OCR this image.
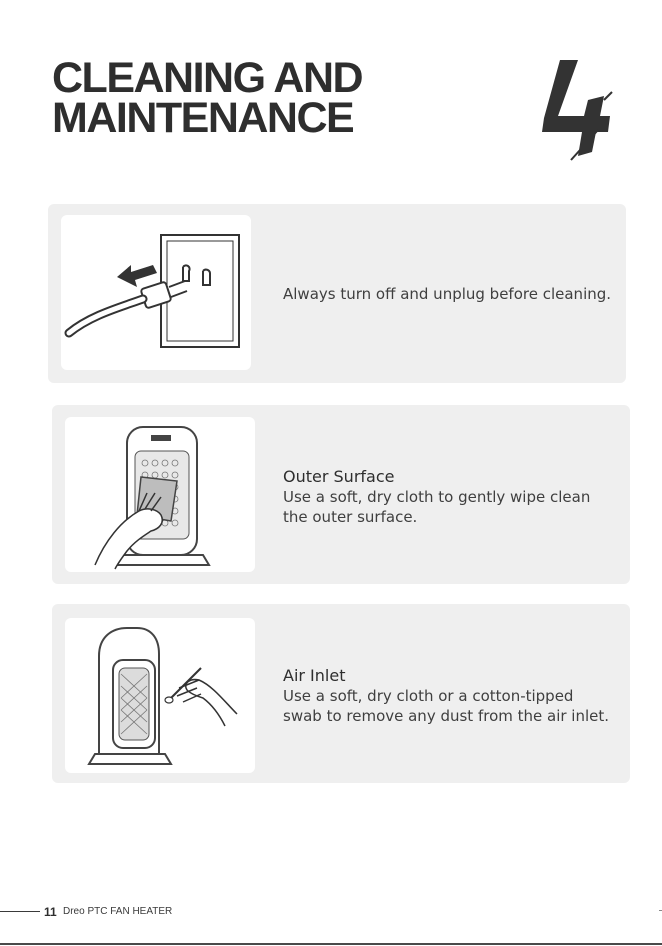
CLEANING AND
MAINTENANCE
Always turn off and unplug before cleaning.
Outer Surface
Use a soft, dry cloth to gently wipe clean the outer surface.
Air Inlet
Use a soft, dry cloth or a cotton-tipped swab to remove any dust from the air inlet.
11 Dreo PTC FAN HEATER
